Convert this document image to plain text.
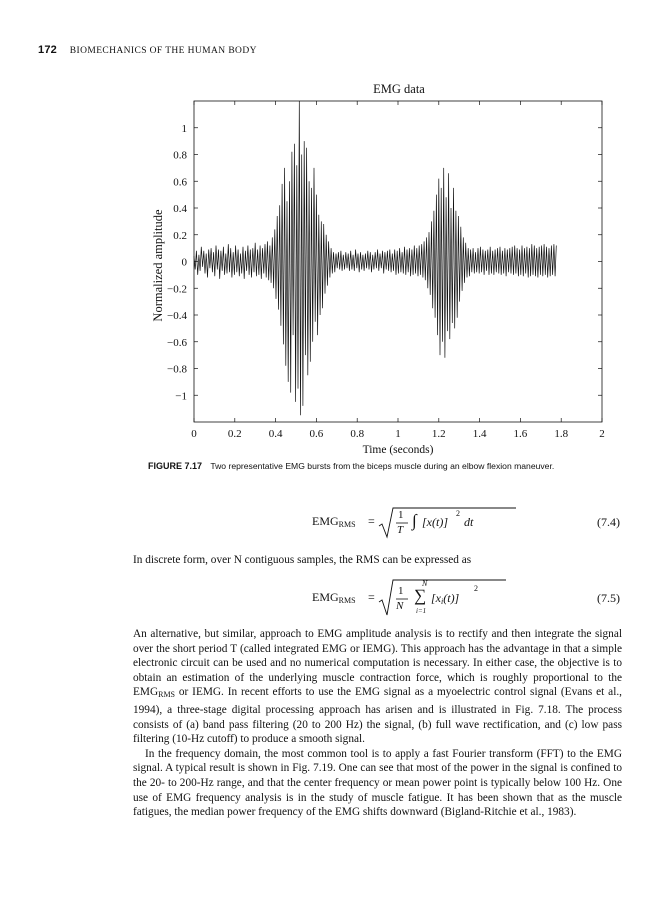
172 BIOMECHANICS OF THE HUMAN BODY
EMG data
0	0.2 0.4 0.6 0.8	1	1.2 1.4 1.6 1.8	2
1
0.8
0.6
0.4
0.2
0
−0.2
−0.4
−0.6
−0.8
−1
Time (seconds)
Normalized amplitude
FIGURE 7.17 Two representative EMG bursts from the biceps muscle during an elbow flexion maneuver.
$EMG_{RMS} = 1$
T ∫ [x(t)]
2
dt	(7.4)
In discrete form, over N contiguous samples, the RMS can be expressed as
$EMG_{RMS} = 1$
N
N
∑
i=1
$[x_i(t)]$
2
(7.5)

An alternative, but similar, approach to EMG amplitude analysis is to rectify and then integrate the signal over the short period T (called integrated EMG or IEMG). This approach has the advantage in that a simple electronic circuit can be used and no numerical computation is necessary. In either case, the objective is to obtain an estimation of the underlying muscle contraction force, which is roughly proportional to the $EMG_{RMS}$ or IEMG. In recent efforts to use the EMG signal as a myoelectric control signal (Evans et al., 1994), a three-stage digital processing approach has arisen and is illustrated in Fig. 7.18. The process consists of (a) band pass filtering (20 to 200 Hz) the signal, (b) full wave rectification, and (c) low pass filtering (10-Hz cutoff) to produce a smooth signal.

In the frequency domain, the most common tool is to apply a fast Fourier transform (FFT) to the EMG signal. A typical result is shown in Fig. 7.19. One can see that most of the power in the signal is confined to the 20- to 200-Hz range, and that the center frequency or mean power point is typically below 100 Hz. One use of EMG frequency analysis is in the study of muscle fatigue. It has been shown that as the muscle fatigues, the median power frequency of the EMG shifts downward (Bigland-Ritchie et al., 1983).
